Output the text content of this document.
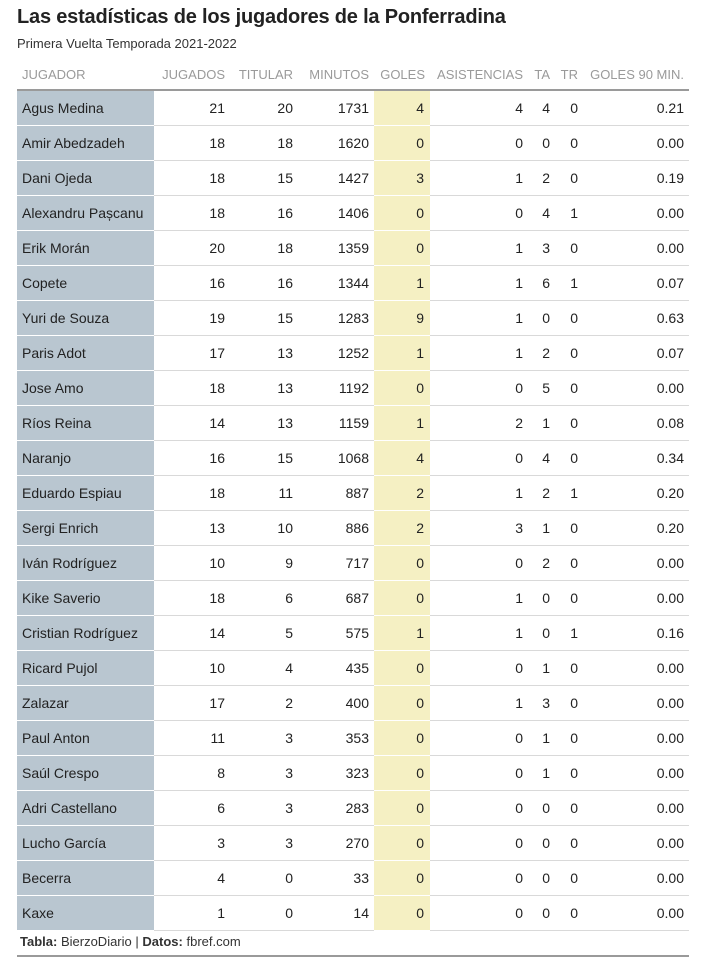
Las estadísticas de los jugadores de la Ponferradina
Primera Vuelta Temporada 2021-2022
JUGADOR	JUGADOS	TITULAR	MINUTOS	GOLES	ASISTENCIAS	TA	TR	GOLES 90 MIN.
Agus Medina	21	20	1731	4	4	4	0	0.21
Amir Abedzadeh	18	18	1620	0	0	0	0	0.00
Dani Ojeda	18	15	1427	3	1	2	0	0.19
Alexandru Pașcanu	18	16	1406	0	0	4	1	0.00
Erik Morán	20	18	1359	0	1	3	0	0.00
Copete	16	16	1344	1	1	6	1	0.07
Yuri de Souza	19	15	1283	9	1	0	0	0.63
Paris Adot	17	13	1252	1	1	2	0	0.07
Jose Amo	18	13	1192	0	0	5	0	0.00
Ríos Reina	14	13	1159	1	2	1	0	0.08
Naranjo	16	15	1068	4	0	4	0	0.34
Eduardo Espiau	18	11	887	2	1	2	1	0.20
Sergi Enrich	13	10	886	2	3	1	0	0.20
Iván Rodríguez	10	9	717	0	0	2	0	0.00
Kike Saverio	18	6	687	0	1	0	0	0.00
Cristian Rodríguez	14	5	575	1	1	0	1	0.16
Ricard Pujol	10	4	435	0	0	1	0	0.00
Zalazar	17	2	400	0	1	3	0	0.00
Paul Anton	11	3	353	0	0	1	0	0.00
Saúl Crespo	8	3	323	0	0	1	0	0.00
Adri Castellano	6	3	283	0	0	0	0	0.00
Lucho García	3	3	270	0	0	0	0	0.00
Becerra	4	0	33	0	0	0	0	0.00
Kaxe	1	0	14	0	0	0	0	0.00
Tabla: BierzoDiario | Datos: fbref.com
